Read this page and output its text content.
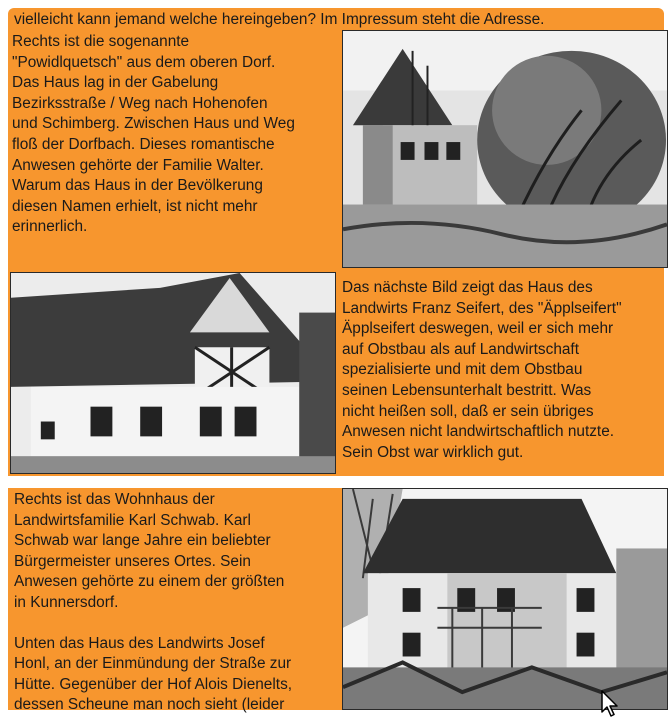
vielleicht kann jemand welche hereingeben? Im Impressum steht die Adresse.
Rechts ist die sogenannte
"Powidlquetsch" aus dem oberen Dorf.
Das Haus lag in der Gabelung
Bezirksstraße / Weg nach Hohenofen
und Schimberg. Zwischen Haus und Weg
floß der Dorfbach. Dieses romantische
Anwesen gehörte der Familie Walter.
Warum das Haus in der Bevölkerung
diesen Namen erhielt, ist nicht mehr
erinnerlich.
Das nächste Bild zeigt das Haus des
Landwirts Franz Seifert, des "Äpplseifert"
Äpplseifert deswegen, weil er sich mehr
auf Obstbau als auf Landwirtschaft
spezialisierte und mit dem Obstbau
seinen Lebensunterhalt bestritt. Was
nicht heißen soll, daß er sein übriges
Anwesen nicht landwirtschaftlich nutzte.
Sein Obst war wirklich gut.
Rechts ist das Wohnhaus der
Landwirtsfamilie Karl Schwab. Karl
Schwab war lange Jahre ein beliebter
Bürgermeister unseres Ortes. Sein
Anwesen gehörte zu einem der größten
in Kunnersdorf.
Unten das Haus des Landwirts Josef
Honl, an der Einmündung der Straße zur
Hütte. Gegenüber der Hof Alois Dienelts,
dessen Scheune man noch sieht (leider
